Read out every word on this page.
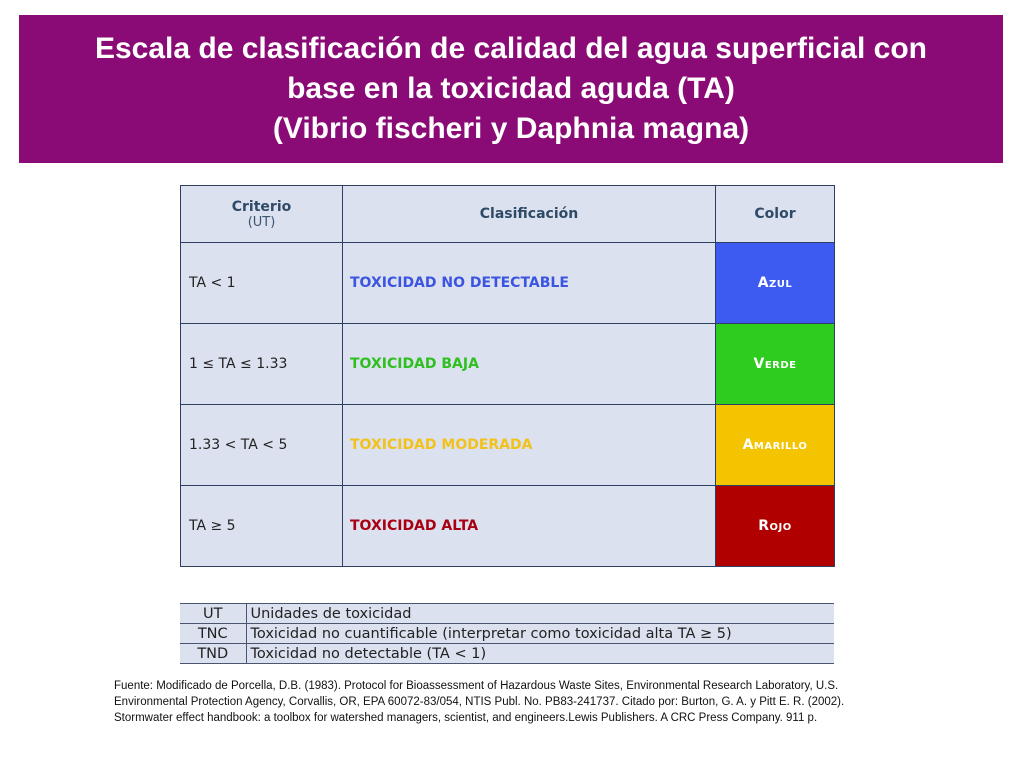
Escala de clasificación de calidad del agua superficial con
base en la toxicidad aguda (TA)
(Vibrio fischeri y Daphnia magna)
Criterio
(UT)	Clasificación	Color
TA < 1	TOXICIDAD NO DETECTABLE	Azul
1 ≤ TA ≤ 1.33	TOXICIDAD BAJA	Verde
1.33 < TA < 5	TOXICIDAD MODERADA	Amarillo
TA ≥ 5	TOXICIDAD ALTA	Rojo
UT	Unidades de toxicidad
TNC	Toxicidad no cuantificable (interpretar como toxicidad alta TA ≥ 5)
TND	Toxicidad no detectable (TA < 1)
Fuente: Modificado de Porcella, D.B. (1983). Protocol for Bioassessment of Hazardous Waste Sites, Environmental Research Laboratory, U.S.
Environmental Protection Agency, Corvallis, OR, EPA 60072-83/054, NTIS Publ. No. PB83-241737. Citado por: Burton, G. A. y Pitt E. R. (2002).
Stormwater effect handbook: a toolbox for watershed managers, scientist, and engineers.Lewis Publishers. A CRC Press Company. 911 p.
